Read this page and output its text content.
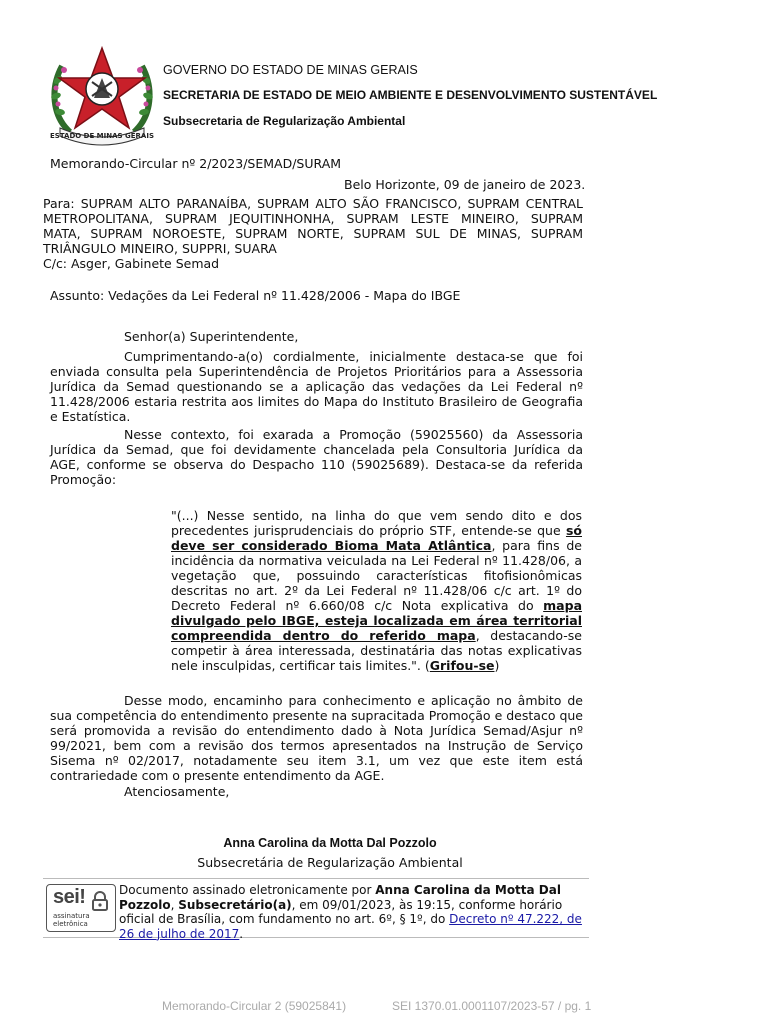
ESTADO DE MINAS GERAIS
GOVERNO DO ESTADO DE MINAS GERAIS
SECRETARIA DE ESTADO DE MEIO AMBIENTE E DESENVOLVIMENTO SUSTENTÁVEL
Subsecretaria de Regularização Ambiental
Memorando-Circular nº 2/2023/SEMAD/SURAM
Belo Horizonte, 09 de janeiro de 2023.
Para: SUPRAM ALTO PARANAÍBA, SUPRAM ALTO SÃO FRANCISCO, SUPRAM CENTRAL
METROPOLITANA, SUPRAM JEQUITINHONHA, SUPRAM LESTE MINEIRO, SUPRAM
MATA, SUPRAM NOROESTE, SUPRAM NORTE, SUPRAM SUL DE MINAS, SUPRAM
TRIÂNGULO MINEIRO, SUPPRI, SUARA
C/c: Asger, Gabinete Semad
Assunto: Vedações da Lei Federal nº 11.428/2006 - Mapa do IBGE
Senhor(a) Superintendente,
Cumprimentando-a(o) cordialmente, inicialmente destaca-se que foi enviada consulta pela Superintendência de Projetos Prioritários para a Assessoria Jurídica da Semad questionando se a aplicação das vedações da Lei Federal nº 11.428/2006 estaria restrita aos limites do Mapa do Instituto Brasileiro de Geografia e Estatística.
Nesse contexto, foi exarada a Promoção (59025560) da Assessoria Jurídica da Semad, que foi devidamente chancelada pela Consultoria Jurídica da AGE, conforme se observa do Despacho 110 (59025689). Destaca-se da referida Promoção:
"(...) Nesse sentido, na linha do que vem sendo dito e dos precedentes jurisprudenciais do próprio STF, entende-se que só deve ser considerado Bioma Mata Atlântica, para fins de incidência da normativa veiculada na Lei Federal nº 11.428/06, a vegetação que, possuindo características fitofisionômicas descritas no art. 2º da Lei Federal nº 11.428/06 c/c art. 1º do Decreto Federal nº 6.660/08 c/c Nota explicativa do mapa divulgado pelo IBGE, esteja localizada em área territorial compreendida dentro do referido mapa, destacando-se competir à área interessada, destinatária das notas explicativas nele insculpidas, certificar tais limites.". (Grifou-se)
Desse modo, encaminho para conhecimento e aplicação no âmbito de sua competência do entendimento presente na supracitada Promoção e destaco que será promovida a revisão do entendimento dado à Nota Jurídica Semad/Asjur nº 99/2021, bem com a revisão dos termos apresentados na Instrução de Serviço Sisema nº 02/2017, notadamente seu item 3.1, um vez que este item está contrariedade com o presente entendimento da AGE.
Atenciosamente,
Anna Carolina da Motta Dal Pozzolo
Subsecretária de Regularização Ambiental
sei!
assinatura
eletrônica
Documento assinado eletronicamente por Anna Carolina da Motta Dal Pozzolo, Subsecretário(a), em 09/01/2023, às 19:15, conforme horário oficial de Brasília, com fundamento no art. 6º, § 1º, do Decreto nº 47.222, de 26 de julho de 2017.
Memorando-Circular 2 (59025841)	SEI 1370.01.0001107/2023-57 / pg. 1
